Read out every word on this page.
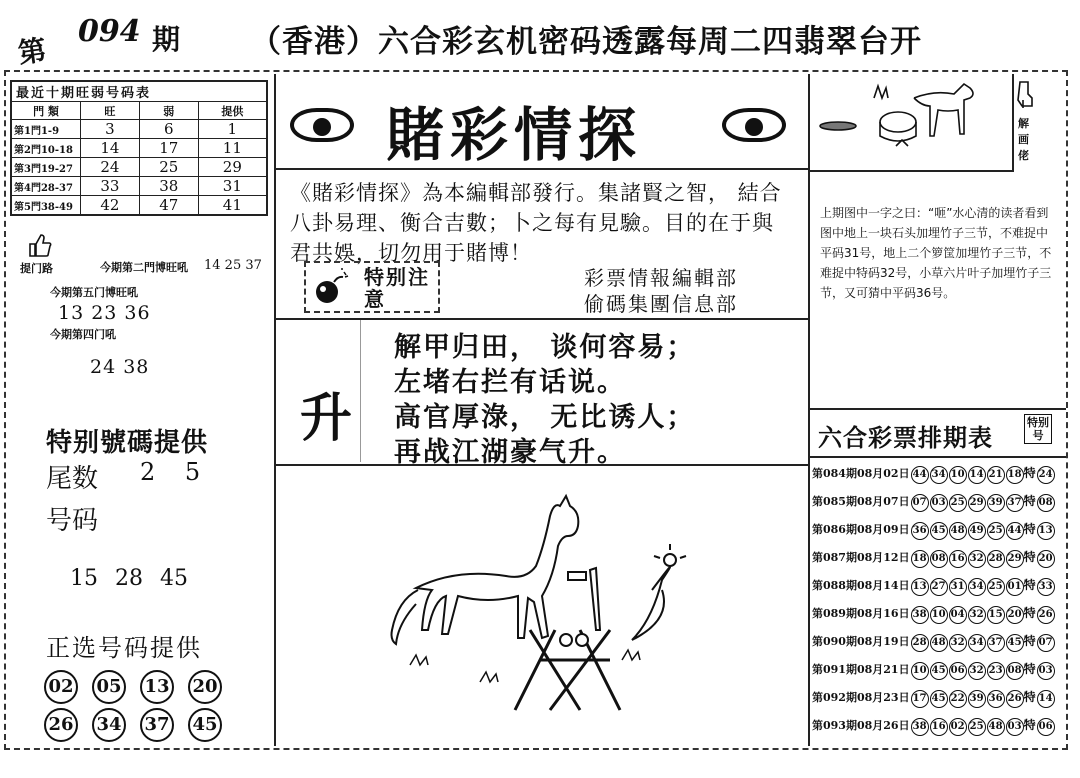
第
094 期 （香港）六合彩玄机密码透露每周二四翡翠台开
最近十期旺弱号码表			
門 類	旺	弱	提供
第1門1-9	3	6	1
第2門10-18	14	17	11
第3門19-27	24	25	29
第4門28-37	33	38	31
第5門38-49	42	47	41
提门路	今期第二門博旺吼 14 25 37
今期第五门博旺吼
13 23 36
今期第四门吼
24 38
特别號碼提供
尾数 2 5
号码
15 28 45
正选号码提供
02 05 13 20
26 34 37 45
賭彩情探
《賭彩情探》為本編輯部發行。集諸賢之智， 結合八卦易理、衡合吉數；卜之每有見驗。目的在于與君共娛，切勿用于賭博！
特别注意
彩票情報編輯部
偷碼集團信息部
升
解甲归田， 谈何容易；
左堵右拦有话说。
高官厚淥， 无比诱人；
再战江湖豪气升。
解画佬
上期图中一字之曰：“咂”水心清的读者看到图中地上一块石头加埋竹子三节，不难捉中平码31号，地上二个箩筐加埋竹子三节，不难捉中特码32号，小草六片叶子加埋竹子三节，又可猜中平码36号。
六合彩票排期表
特别号
第084期08月02日 44 34 10 14 21 18 特 24
第085期08月07日 07 03 25 29 39 37 特 08
第086期08月09日 36 45 48 49 25 44 特 13
第087期08月12日 18 08 16 32 28 29 特 20
第088期08月14日 13 27 31 34 25 01 特 33
第089期08月16日 38 10 04 32 15 20 特 26
第090期08月19日 28 48 32 34 37 45 特 07
第091期08月21日 10 45 06 32 23 08 特 03
第092期08月23日 17 45 22 39 36 26 特 14
第093期08月26日 38 16 02 25 48 03 特 06
